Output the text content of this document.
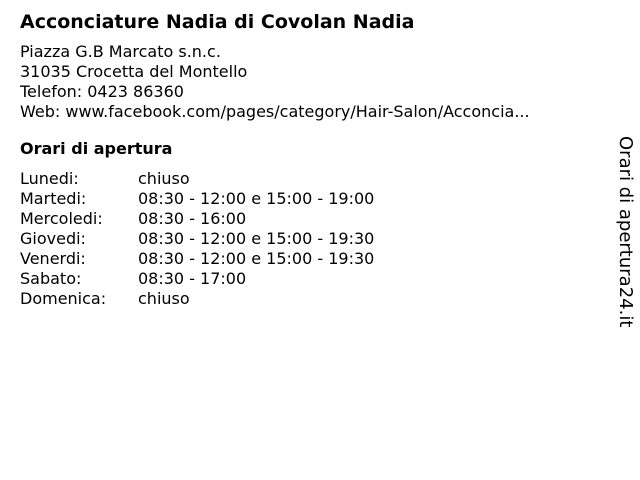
Acconciature Nadia di Covolan Nadia
Piazza G.B Marcato s.n.c.
31035 Crocetta del Montello
Telefon: 0423 86360
Web: www.facebook.com/pages/category/Hair-Salon/Acconcia...
Orari di apertura
Lunedi:	chiuso
Martedi:	08:30 - 12:00 e 15:00 - 19:00
Mercoledi:	08:30 - 16:00
Giovedi:	08:30 - 12:00 e 15:00 - 19:30
Venerdi:	08:30 - 12:00 e 15:00 - 19:30
Sabato:	08:30 - 17:00
Domenica:	chiuso	Orari di apertura24.it
